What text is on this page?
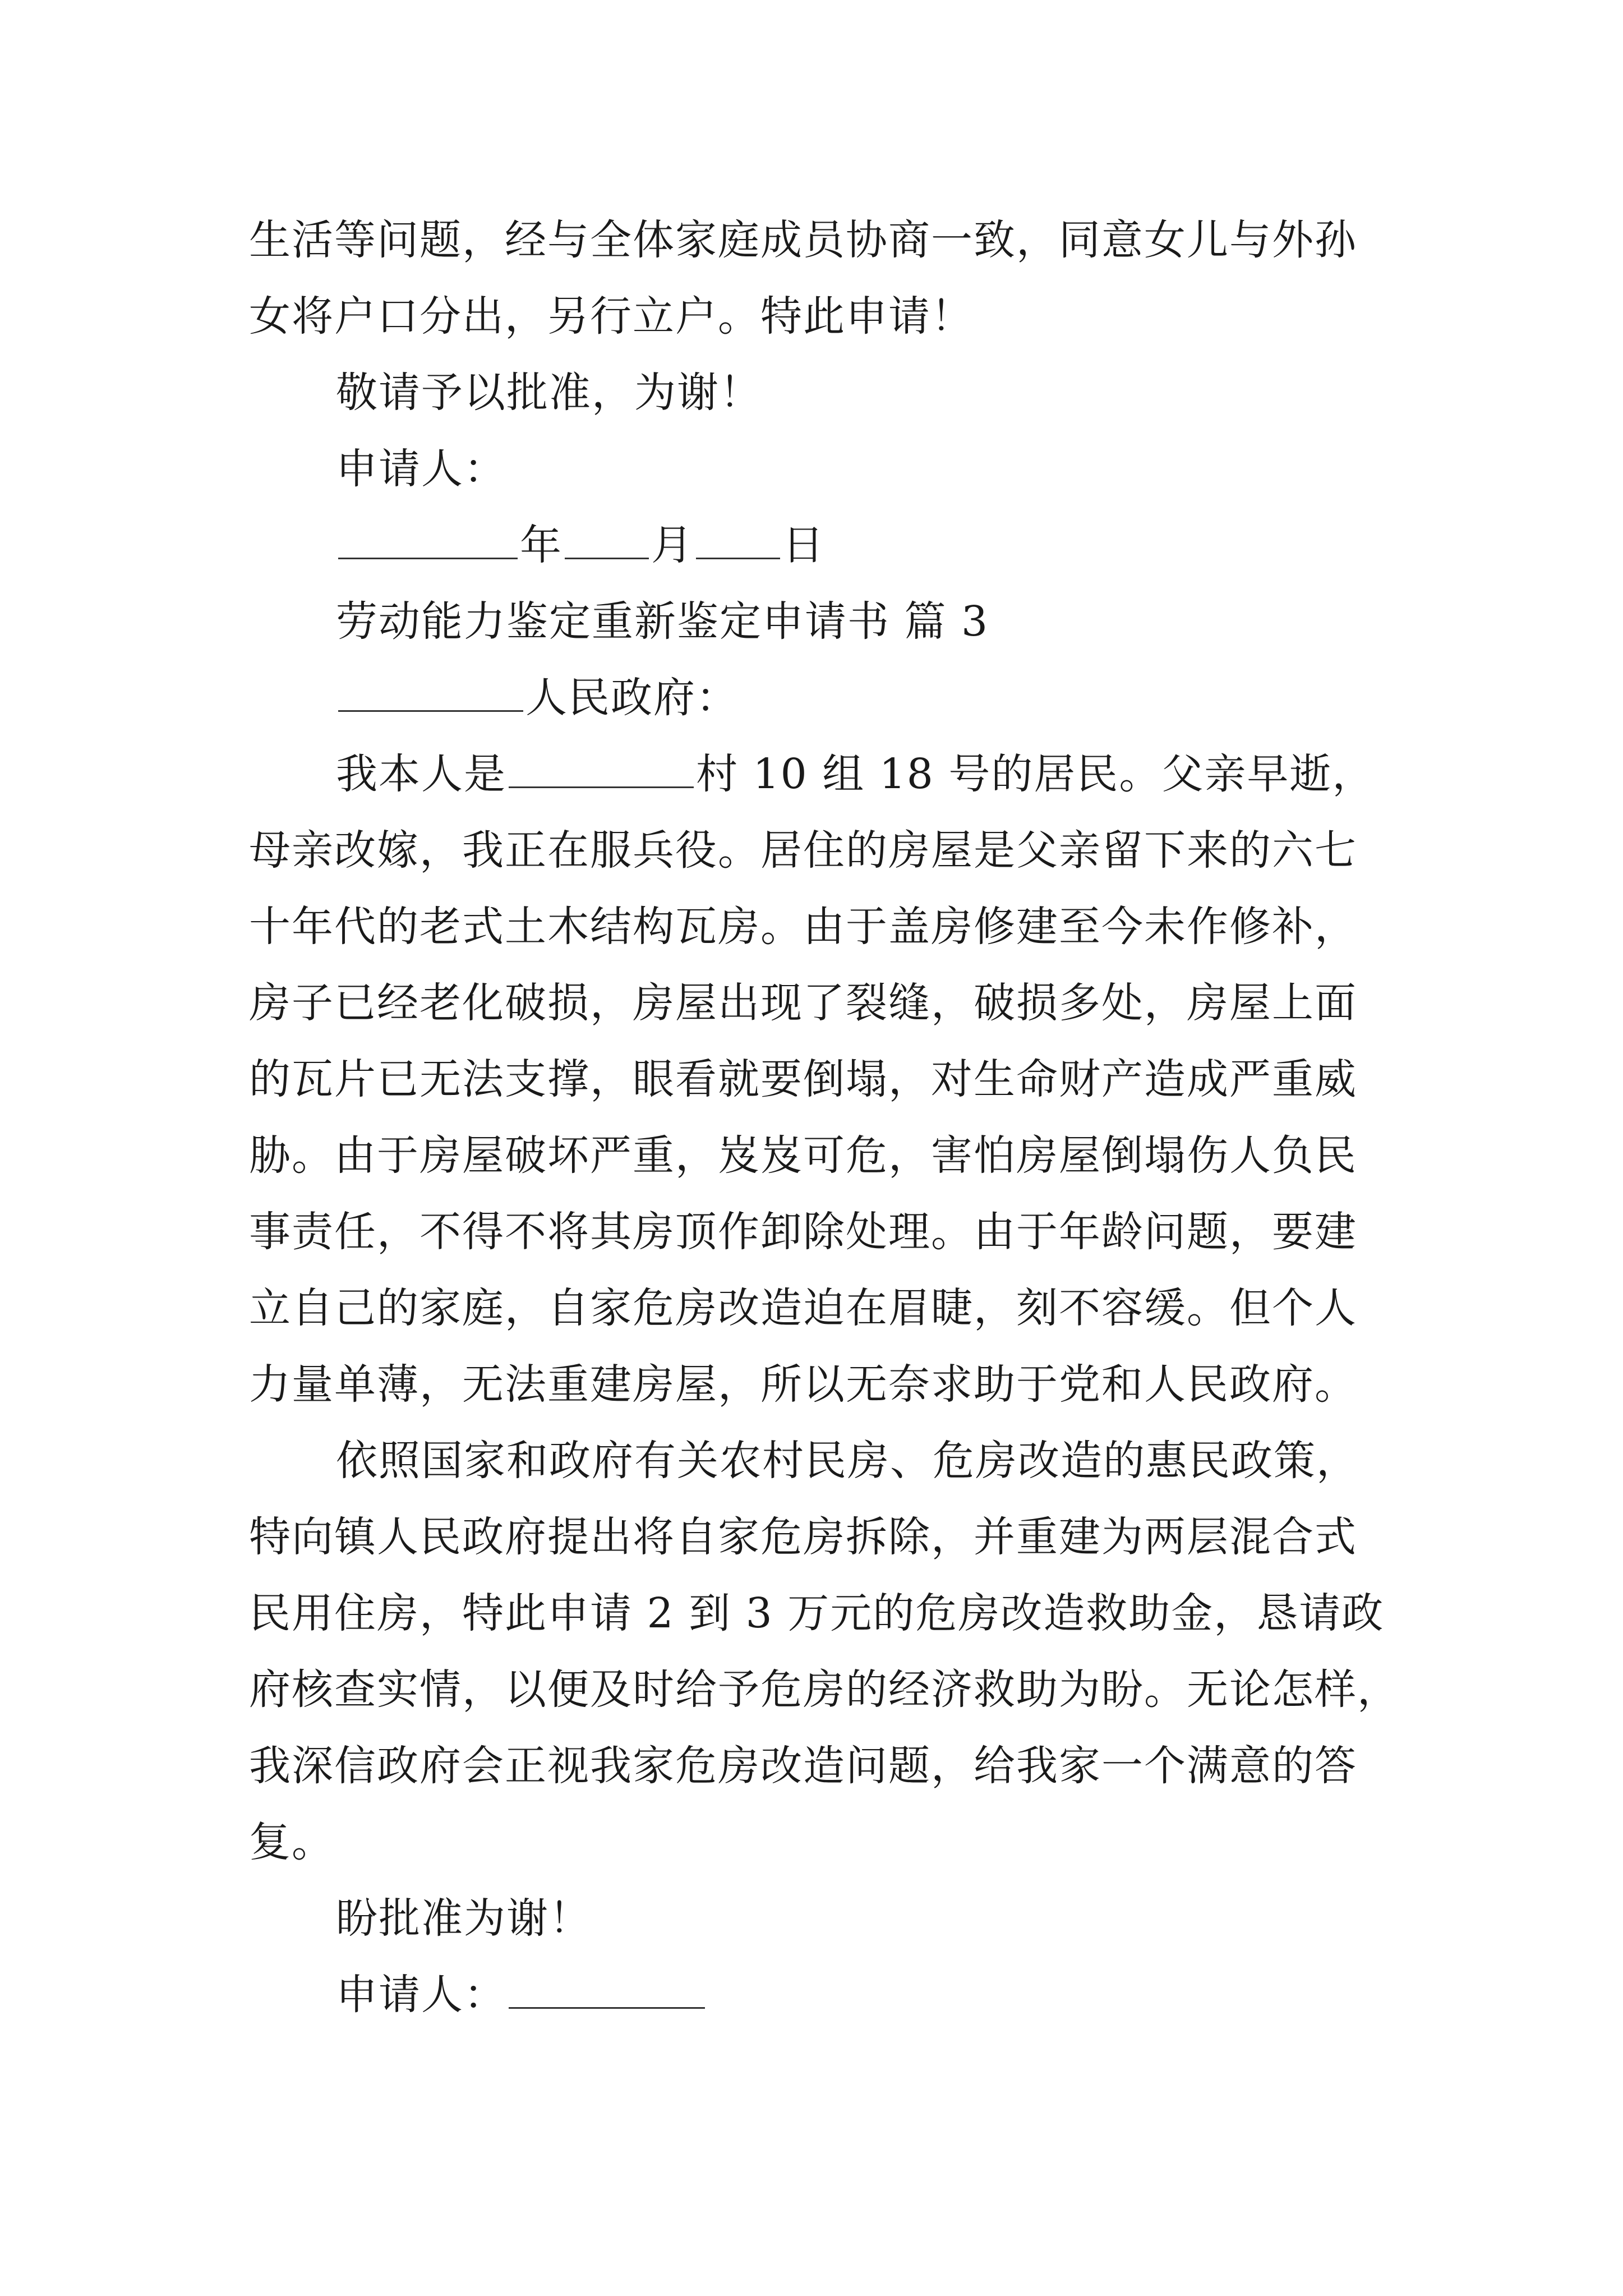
生活等问题，经与全体家庭成员协商一致，同意女儿与外孙
女将户口分出，另行立户。特此申请！
敬请予以批准，为谢！
申请人：
年 月 日
劳动能力鉴定重新鉴定申请书 篇 3
人民政府：
我本人是	村 10 组 18 号的居民。父亲早逝，
母亲改嫁，我正在服兵役。居住的房屋是父亲留下来的六七
十年代的老式土木结构瓦房。由于盖房修建至今未作修补，
房子已经老化破损，房屋出现了裂缝，破损多处，房屋上面
的瓦片已无法支撑，眼看就要倒塌，对生命财产造成严重威
胁。由于房屋破坏严重，岌岌可危，害怕房屋倒塌伤人负民
事责任，不得不将其房顶作卸除处理。由于年龄问题，要建
立自己的家庭，自家危房改造迫在眉睫，刻不容缓。但个人
力量单薄，无法重建房屋，所以无奈求助于党和人民政府。
依照国家和政府有关农村民房、危房改造的惠民政策，
特向镇人民政府提出将自家危房拆除，并重建为两层混合式
民用住房，特此申请 2 到 3 万元的危房改造救助金，恳请政
府核查实情，以便及时给予危房的经济救助为盼。无论怎样，
我深信政府会正视我家危房改造问题，给我家一个满意的答
复。
盼批准为谢！
申请人：
